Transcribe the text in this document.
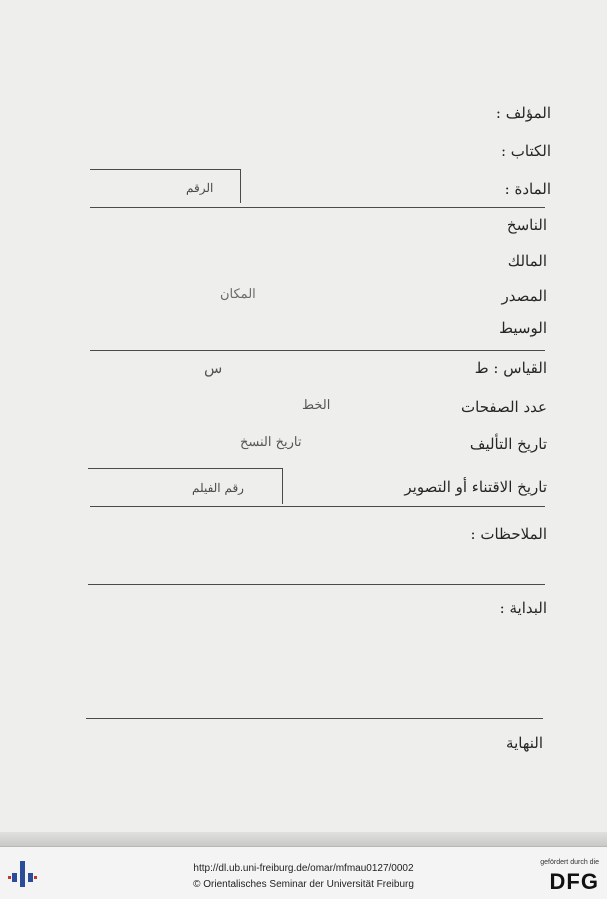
المؤلف :
الكتاب :
المادة :
الرقم
الناسخ
المالك
المصدر
المكان
الوسيط
القياس : ط
س
عدد الصفحات
الخط
تاريخ التأليف
تاريخ النسخ
تاريخ الاقتناء أو التصوير
رقم الفيلم
الملاحظات :
البداية :
النهاية
http://dl.ub.uni-freiburg.de/omar/mfmau0127/0002
© Orientalisches Seminar der Universität Freiburg
gefördert durch die
DFG
